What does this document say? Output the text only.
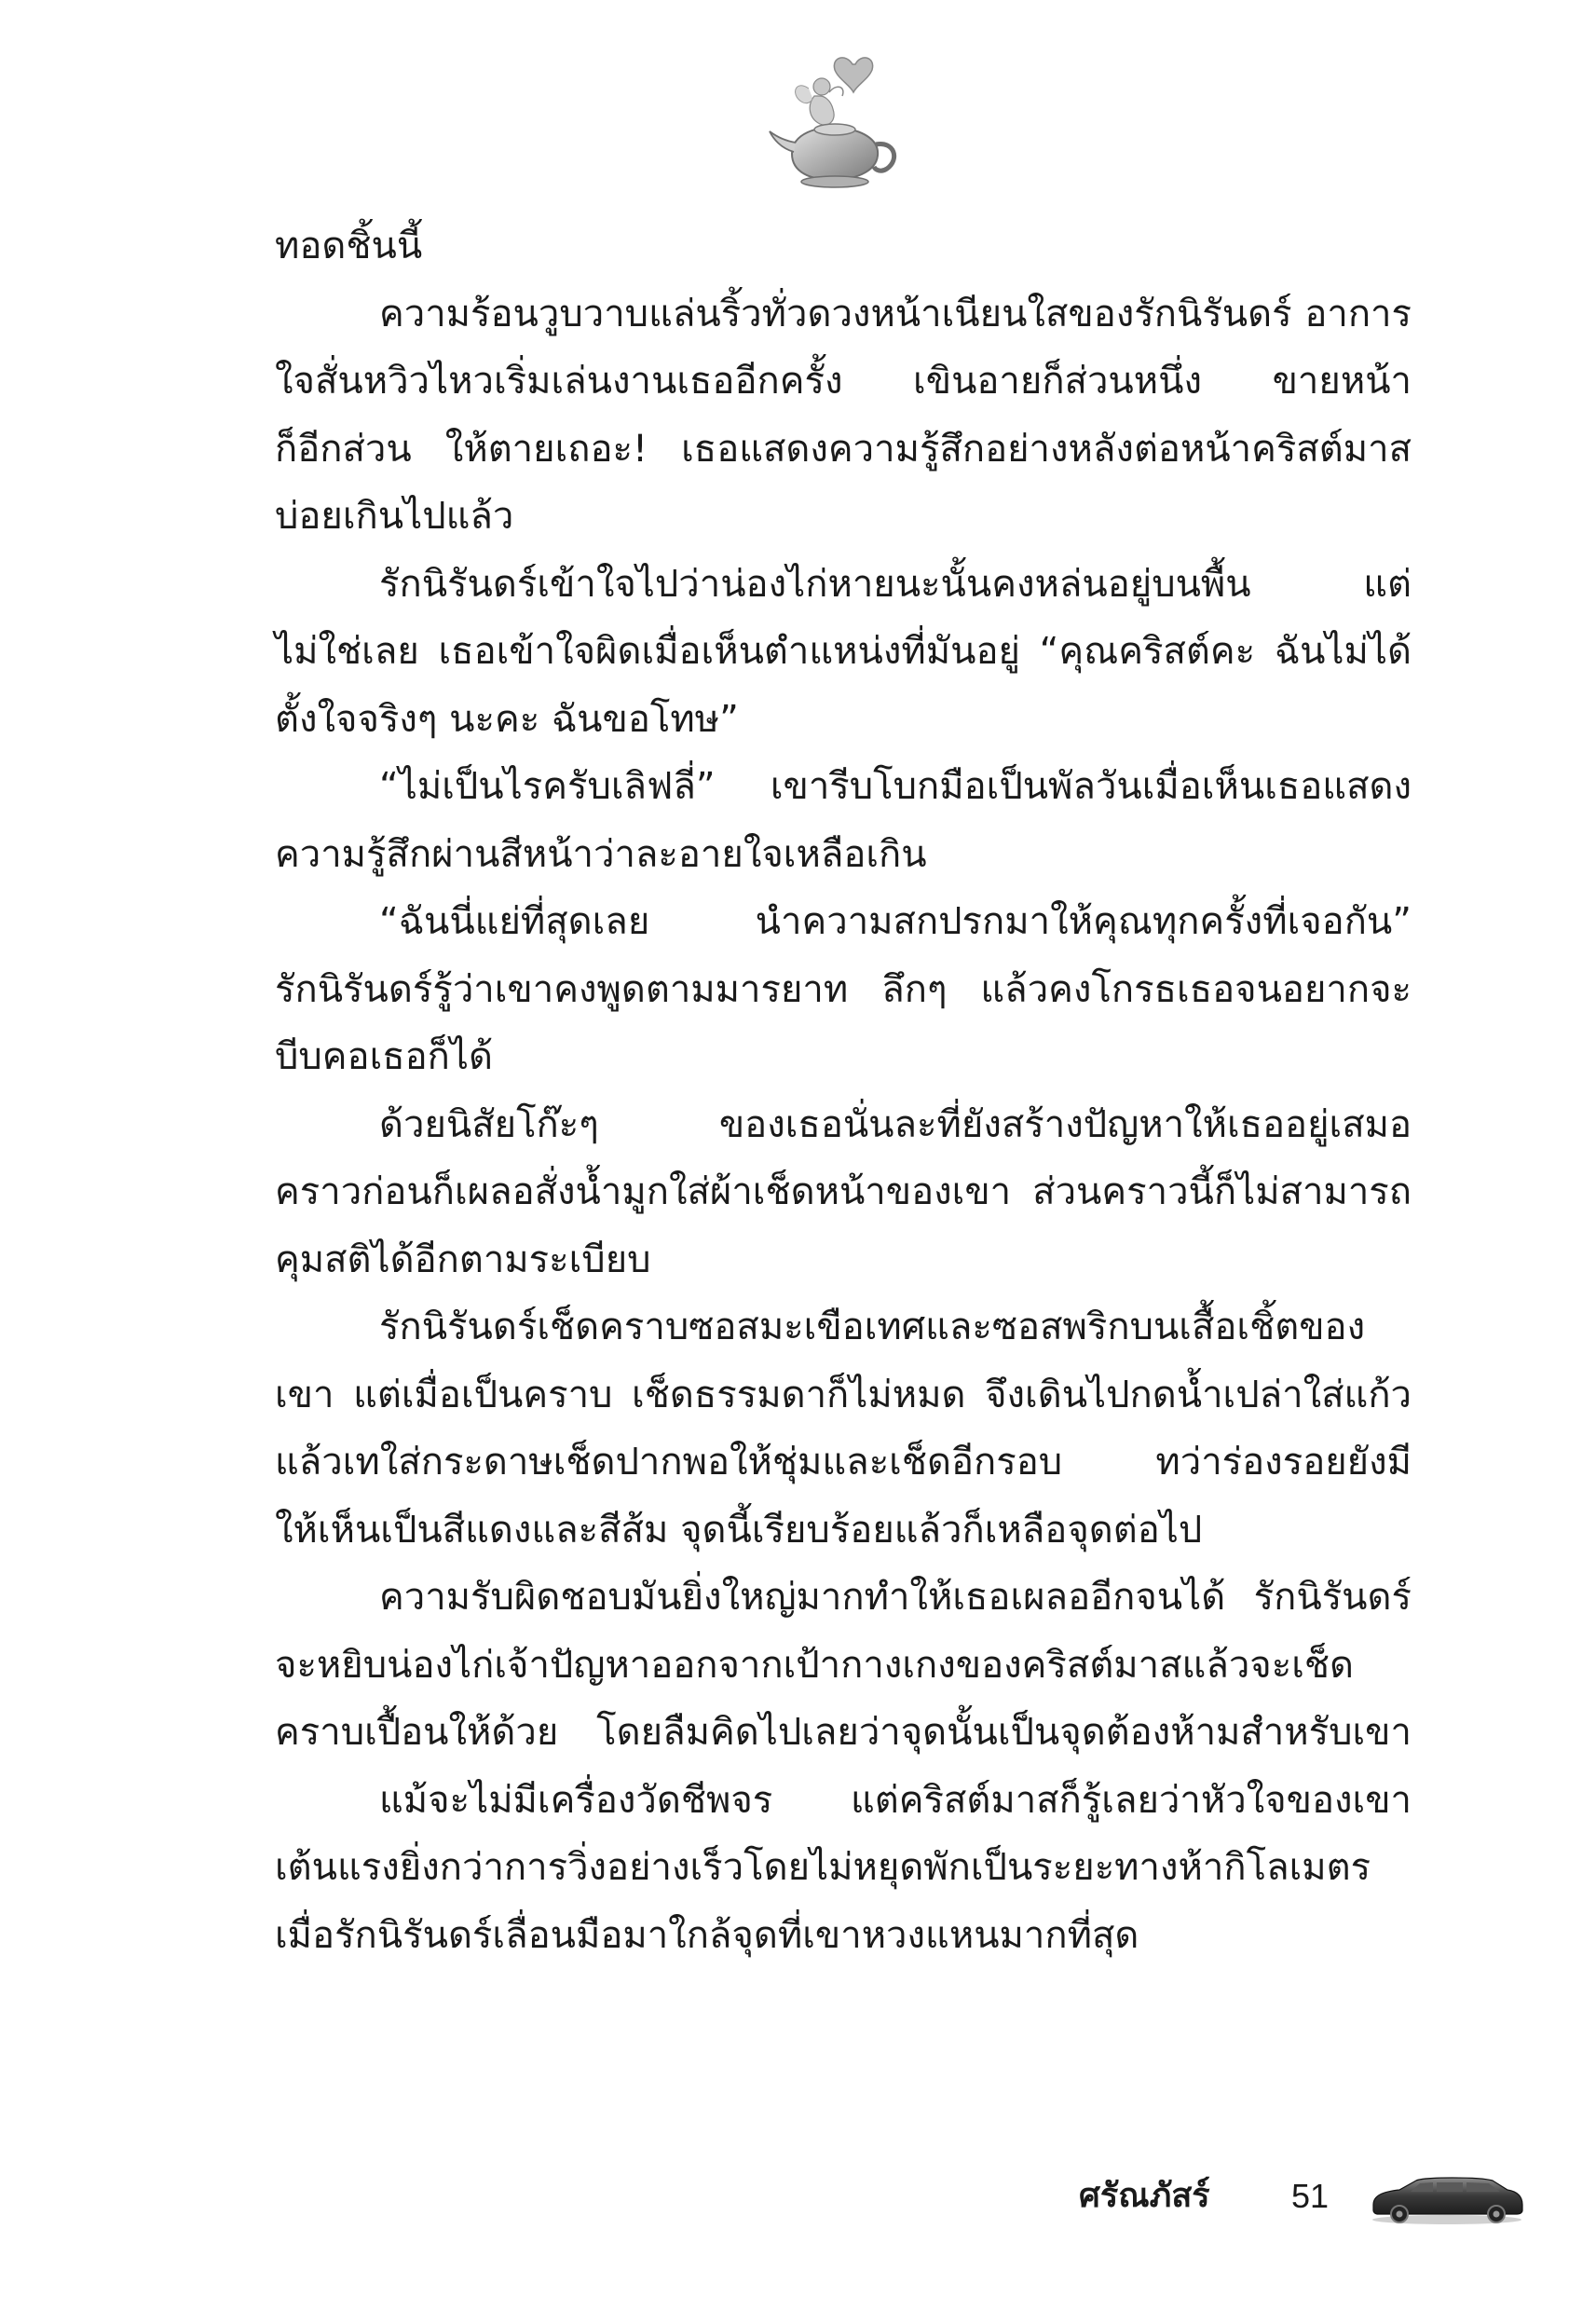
ทอดชิ้นนี้
ความร้อนวูบวาบแล่นริ้วทั่วดวงหน้าเนียนใสของรักนิรันดร์ อาการ
ใจสั่นหวิวไหวเริ่มเล่นงานเธออีกครั้ง เขินอายก็ส่วนหนึ่ง ขายหน้า
ก็อีกส่วน ให้ตายเถอะ! เธอแสดงความรู้สึกอย่างหลังต่อหน้าคริสต์มาส
บ่อยเกินไปแล้ว
รักนิรันดร์เข้าใจไปว่าน่องไก่หายนะนั้นคงหล่นอยู่บนพื้น แต่
ไม่ใช่เลย เธอเข้าใจผิดเมื่อเห็นตำแหน่งที่มันอยู่ “คุณคริสต์คะ ฉันไม่ได้
ตั้งใจจริงๆ นะคะ ฉันขอโทษ”
“ไม่เป็นไรครับเลิฟลี่” เขารีบโบกมือเป็นพัลวันเมื่อเห็นเธอแสดง
ความรู้สึกผ่านสีหน้าว่าละอายใจเหลือเกิน
“ฉันนี่แย่ที่สุดเลย นำความสกปรกมาให้คุณทุกครั้งที่เจอกัน”
รักนิรันดร์รู้ว่าเขาคงพูดตามมารยาท ลึกๆ แล้วคงโกรธเธอจนอยากจะ
บีบคอเธอก็ได้
ด้วยนิสัยโก๊ะๆ ของเธอนั่นละที่ยังสร้างปัญหาให้เธออยู่เสมอ
คราวก่อนก็เผลอสั่งน้ำมูกใส่ผ้าเช็ดหน้าของเขา ส่วนคราวนี้ก็ไม่สามารถ
คุมสติได้อีกตามระเบียบ
รักนิรันดร์เช็ดคราบซอสมะเขือเทศและซอสพริกบนเสื้อเชิ้ตของ
เขา แต่เมื่อเป็นคราบ เช็ดธรรมดาก็ไม่หมด จึงเดินไปกดน้ำเปล่าใส่แก้ว
แล้วเทใส่กระดาษเช็ดปากพอให้ชุ่มและเช็ดอีกรอบ ทว่าร่องรอยยังมี
ให้เห็นเป็นสีแดงและสีส้ม จุดนี้เรียบร้อยแล้วก็เหลือจุดต่อไป
ความรับผิดชอบมันยิ่งใหญ่มากทำให้เธอเผลออีกจนได้ รักนิรันดร์
จะหยิบน่องไก่เจ้าปัญหาออกจากเป้ากางเกงของคริสต์มาสแล้วจะเช็ด
คราบเปื้อนให้ด้วย โดยลืมคิดไปเลยว่าจุดนั้นเป็นจุดต้องห้ามสำหรับเขา
แม้จะไม่มีเครื่องวัดชีพจร แต่คริสต์มาสก็รู้เลยว่าหัวใจของเขา
เต้นแรงยิ่งกว่าการวิ่งอย่างเร็วโดยไม่หยุดพักเป็นระยะทางห้ากิโลเมตร
เมื่อรักนิรันดร์เลื่อนมือมาใกล้จุดที่เขาหวงแหนมากที่สุด
ศรัณภัสร์ 51
